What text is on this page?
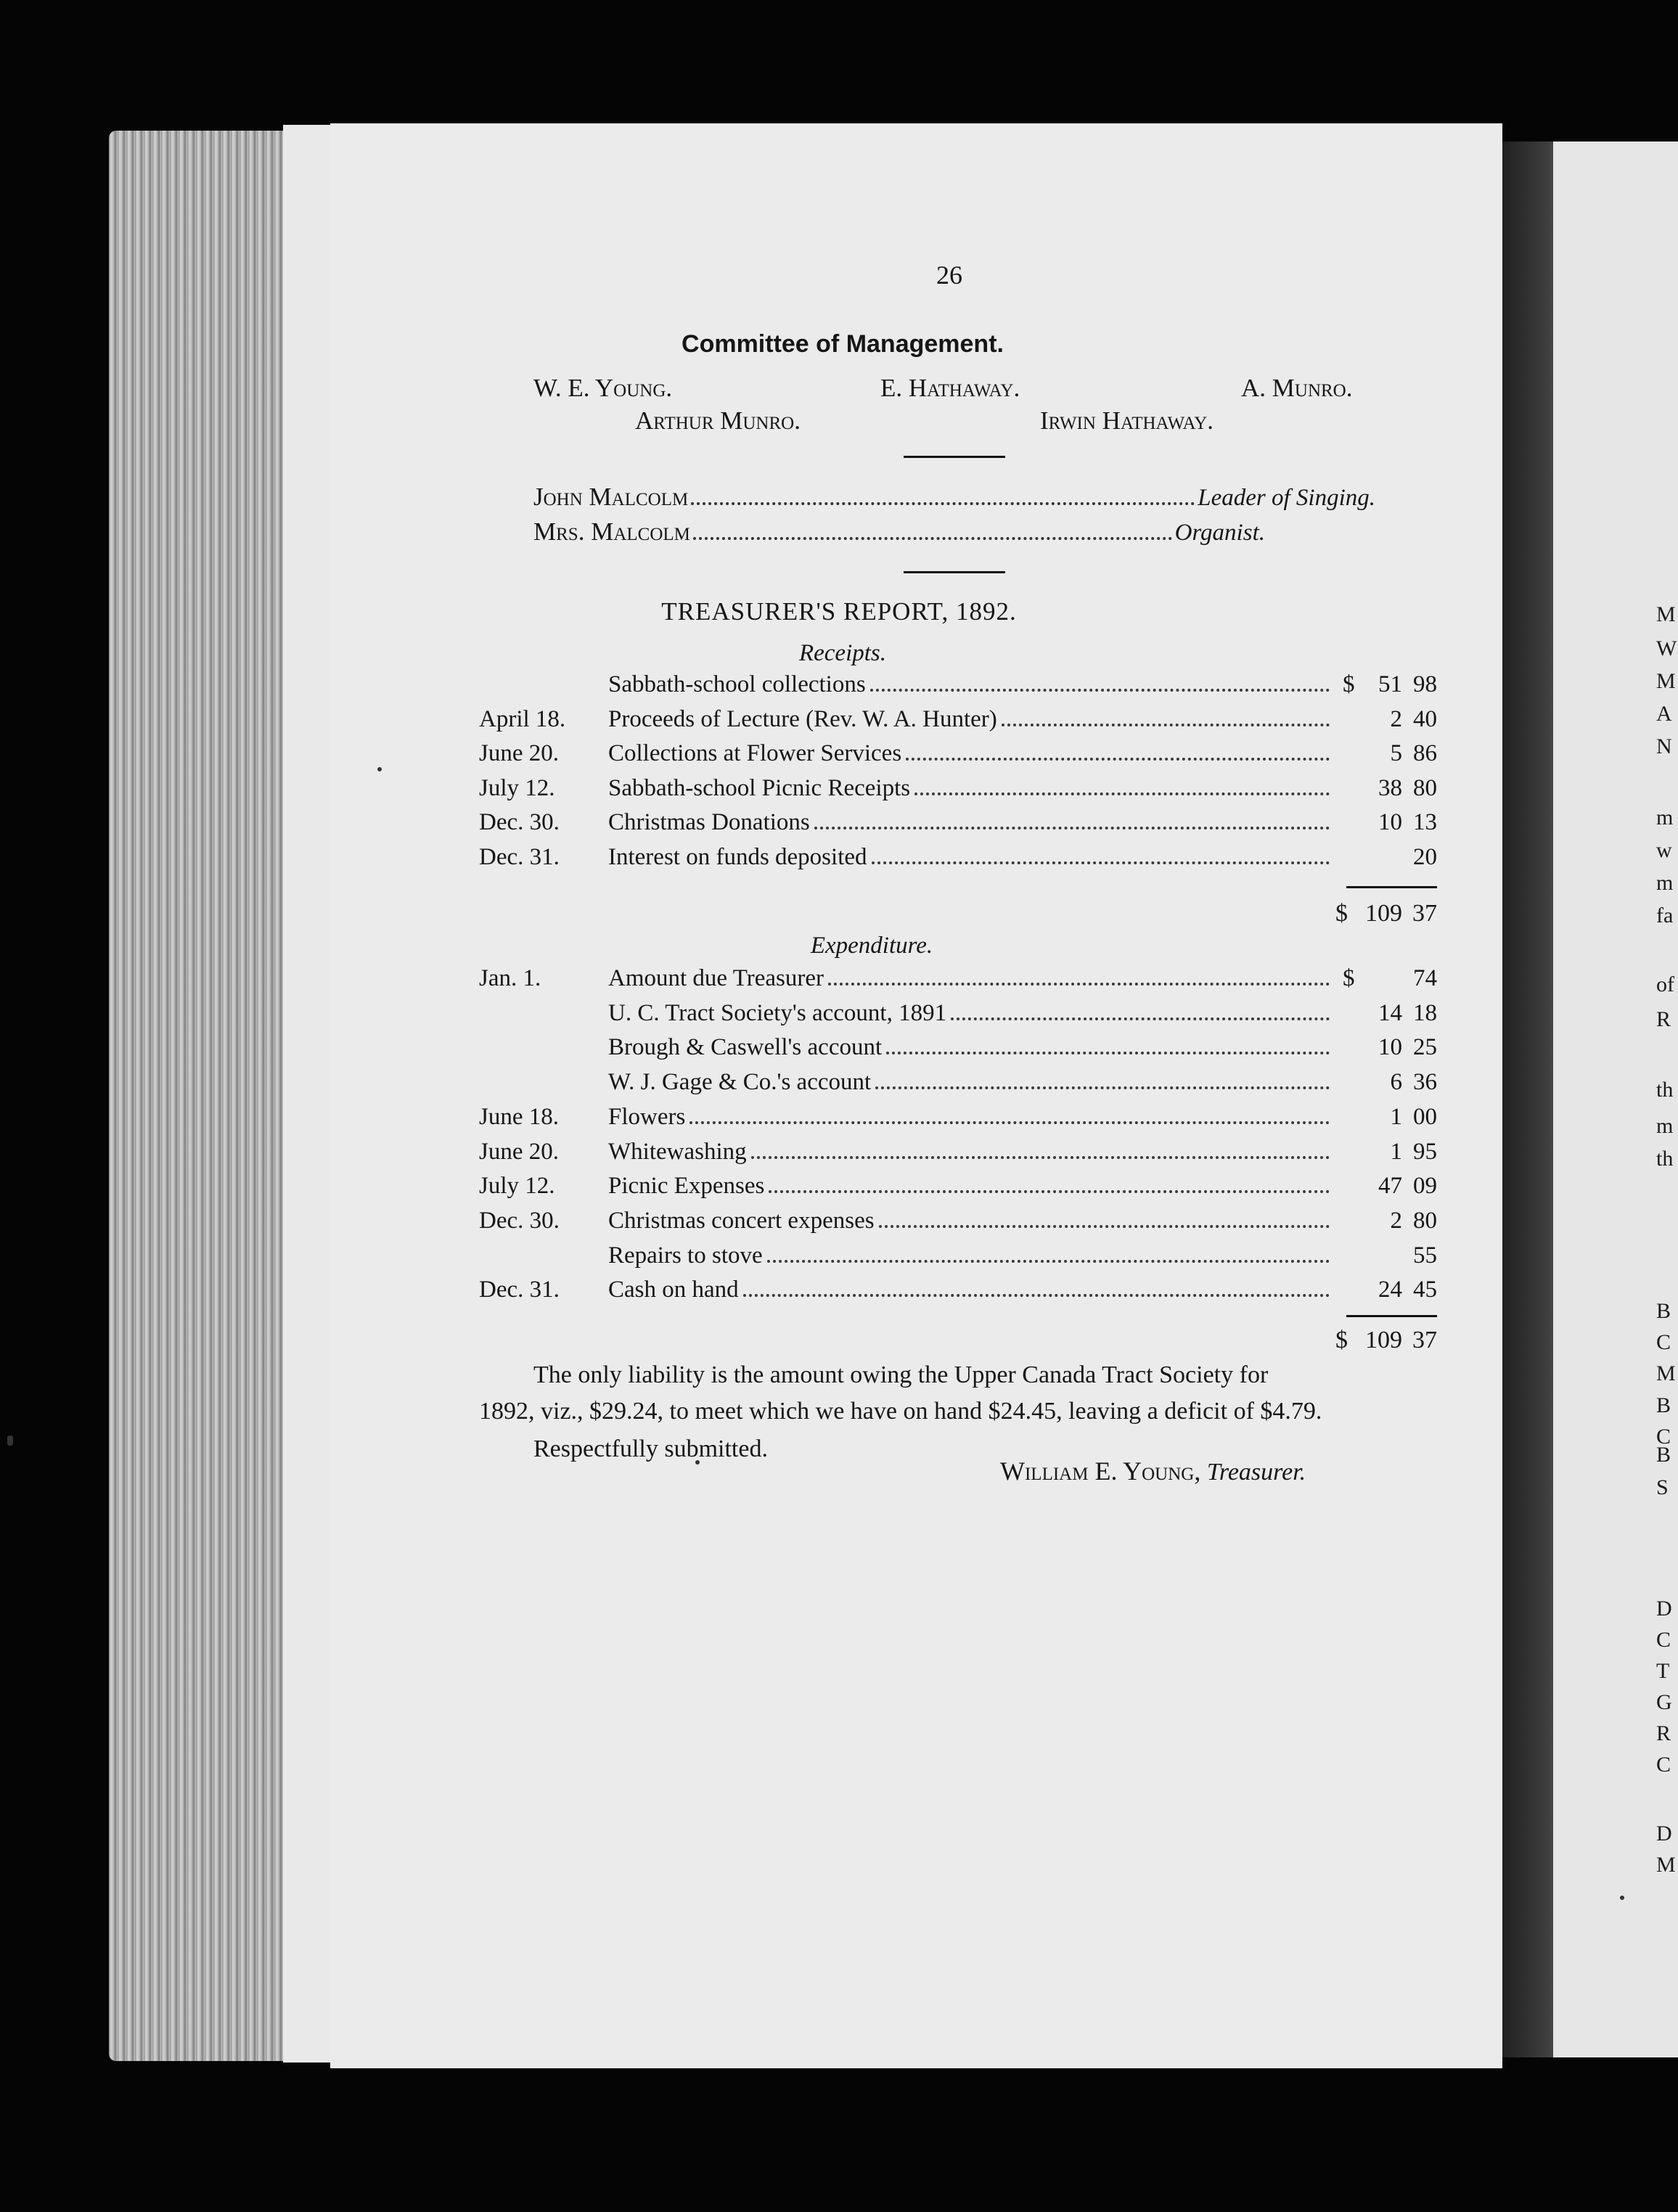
M
W
M
A
N
m
w
m
fa
of
R
th
m
th
B
C
M
B
C
B
S
D
C
T
G
R
C
D
M
26
Committee of Management.
W. E. Young.	E. Hathaway.	A. Munro.
Arthur Munro.	Irwin Hathaway.
John Malcolm	Leader of Singing.
Mrs. Malcolm	Organist.
TREASURER'S REPORT, 1892.
Receipts.
Sabbath-school collections	$ 51 98
April 18. Proceeds of Lecture (Rev. W. A. Hunter)	2 40
June 20. Collections at Flower Services	5 86
July 12. Sabbath-school Picnic Receipts	38 80
Dec. 30. Christmas Donations	10 13
Dec. 31. Interest on funds deposited	20
$ 109 37
Expenditure.
Jan. 1.	Amount due Treasurer	$ 74
U. C. Tract Society's account, 1891	14 18
Brough & Caswell's account	10 25
W. J. Gage & Co.'s account	6 36
June 18. Flowers	1 00
June 20. Whitewashing	1 95
July 12. Picnic Expenses	47 09
Dec. 30. Christmas concert expenses	2 80
Repairs to stove	55
Dec. 31. Cash on hand	24 45
$ 109 37
The only liability is the amount owing the Upper Canada Tract Society for
1892, viz., $29.24, to meet which we have on hand $24.45, leaving a deficit of $4.79.
Respectfully submitted.
William E. Young, Treasurer.
